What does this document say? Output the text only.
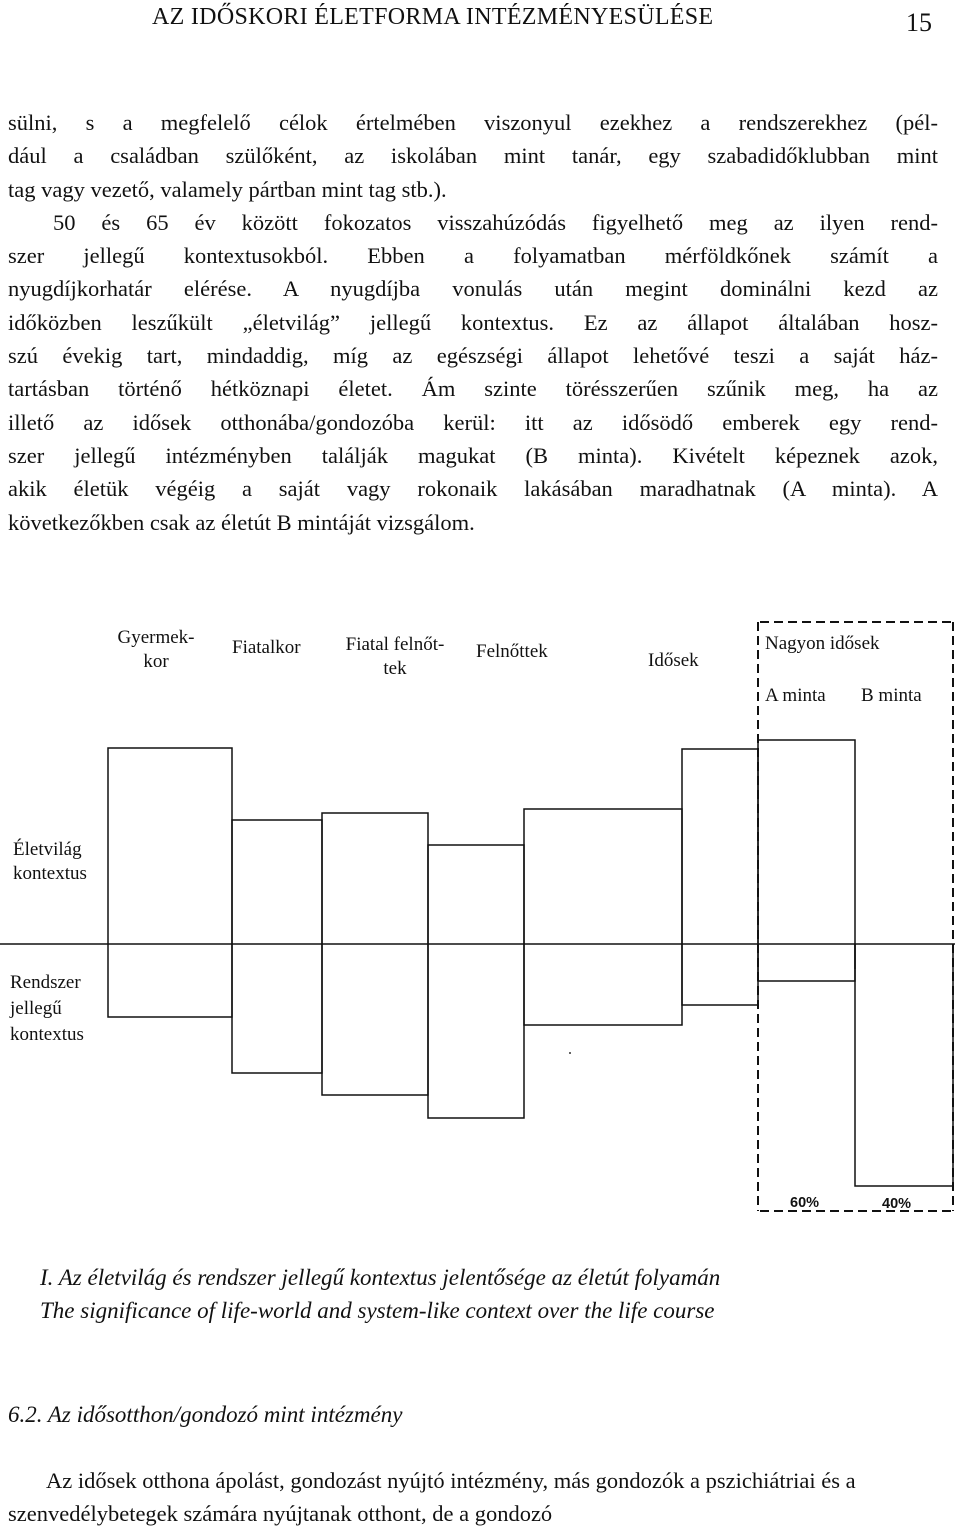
AZ IDŐSKORI ÉLETFORMA INTÉZMÉNYESÜLÉSE	15
sülni, s a megfelelő célok értelmében viszonyul ezekhez a rendszerekhez (pél-
dául a családban szülőként, az iskolában mint tanár, egy szabadidőklubban mint
tag vagy vezető, valamely pártban mint tag stb.).
50 és 65 év között fokozatos visszahúzódás figyelhető meg az ilyen rend-
szer jellegű kontextusokból. Ebben a folyamatban mérföldkőnek számít a
nyugdíjkorhatár elérése. A nyugdíjba vonulás után megint dominálni kezd az
időközben leszűkült „életvilág” jellegű kontextus. Ez az állapot általában hosz-
szú évekig tart, mindaddig, míg az egészségi állapot lehetővé teszi a saját ház-
tartásban történő hétköznapi életet. Ám szinte törésszerűen szűnik meg, ha az
illető az idősek otthonába/gondozóba kerül: itt az idősödő emberek egy rend-
szer jellegű intézményben találják magukat (B minta). Kivételt képeznek azok,
akik életük végéig a saját vagy rokonaik lakásában maradhatnak (A minta). A
következőkben csak az életút B mintáját vizsgálom.
Gyermek-
kor
Fiatalkor	Fiatal felnőt-
tek
Felnőttek	Idősek
Nagyon idősek
A minta B minta
Életvilág
kontextus
Rendszer
jellegű
kontextus
60%	40%
I. Az életvilág és rendszer jellegű kontextus jelentősége az életút folyamán
The significance of life-world and system-like context over the life course
6.2. Az idősotthon/gondozó mint intézmény
Az idősek otthona ápolást, gondozást nyújtó intézmény, más gondozók a pszichiátriai és a szenvedélybetegek számára nyújtanak otthont, de a gondozó
